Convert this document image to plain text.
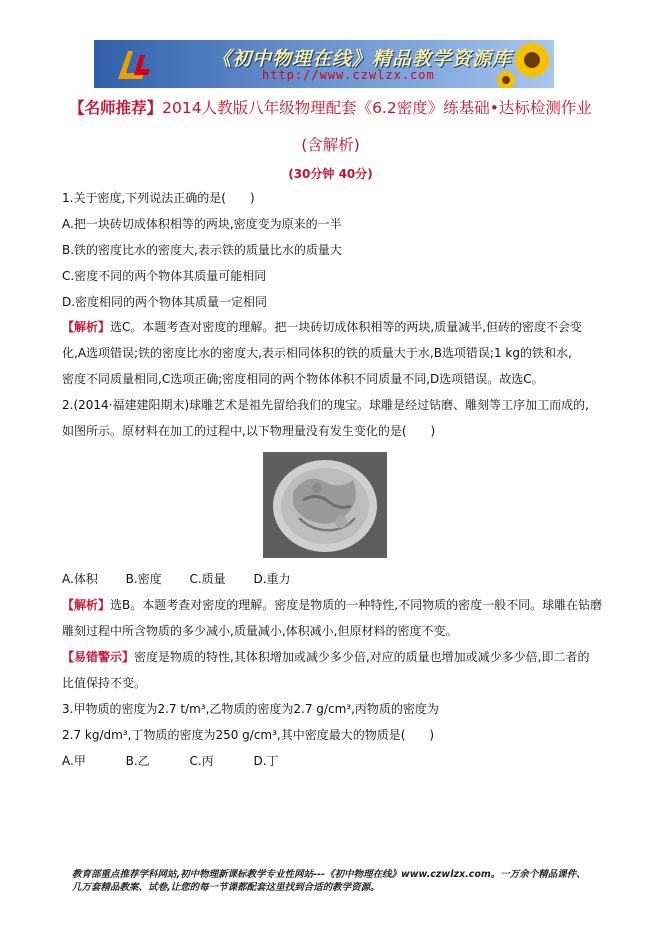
《初中物理在线》精品教学资源库
http://www.czwlzx.com
【名师推荐】2014人教版八年级物理配套《6.2密度》练基础•达标检测作业
(含解析)
(30分钟 40分)
1.关于密度,下列说法正确的是(　　)
A.把一块砖切成体积相等的两块,密度变为原来的一半
B.铁的密度比水的密度大,表示铁的质量比水的质量大
C.密度不同的两个物体其质量可能相同
D.密度相同的两个物体其质量一定相同
【解析】选C。本题考查对密度的理解。把一块砖切成体积相等的两块,质量减半,但砖的密度不会变
化,A选项错误;铁的密度比水的密度大,表示相同体积的铁的质量大于水,B选项错误;1 kg的铁和水,
密度不同质量相同,C选项正确;密度相同的两个物体体积不同质量不同,D选项错误。故选C。
2.(2014·福建建阳期末)球雕艺术是祖先留给我们的瑰宝。球雕是经过钻磨、雕刻等工序加工而成的,
如图所示。原材料在加工的过程中,以下物理量没有发生变化的是(　　)
A.体积　　 B.密度　　 C.质量　　 D.重力
【解析】选B。本题考查对密度的理解。密度是物质的一种特性,不同物质的密度一般不同。球雕在钻磨
雕刻过程中所含物质的多少减小,质量减小,体积减小,但原材料的密度不变。
【易错警示】密度是物质的特性,其体积增加或减少多少倍,对应的质量也增加或减少多少倍,即二者的
比值保持不变。
3.甲物质的密度为2.7 t/m³,乙物质的密度为2.7 g/cm³,丙物质的密度为
2.7 kg/dm³,丁物质的密度为250 g/cm³,其中密度最大的物质是(　　)
A.甲　　　 B.乙　　　 C.丙　　　 D.丁
教育部重点推荐学科网站,初中物理新课标教学专业性网站---《初中物理在线》www.czwlzx.com。一万余个精品课件、
几万套精品教案、试卷,让您的每一节课都配套这里找到合适的教学资源。
